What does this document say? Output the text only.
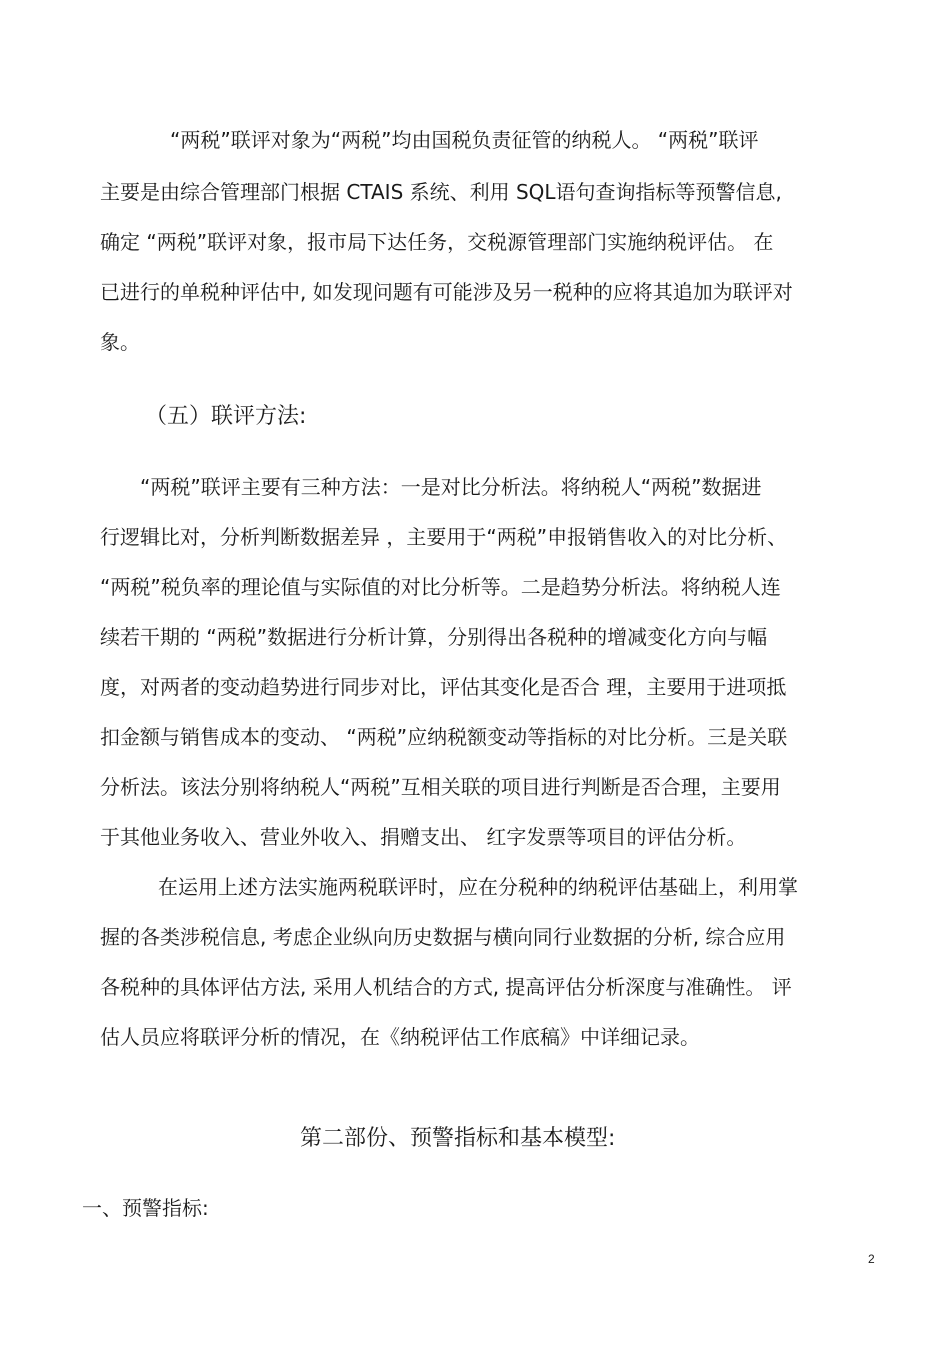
“两税”联评对象为“两税”均由国税负责征管的纳税人。 “两税”联评
主要是由综合管理部门根据 CTAIS 系统、利用 SQL语句查询指标等预警信息,
确定 “两税”联评对象，报市局下达任务，交税源管理部门实施纳税评估。 在
已进行的单税种评估中, 如发现问题有可能涉及另一税种的应将其追加为联评对
象。
（五）联评方法:
“两税”联评主要有三种方法：一是对比分析法。将纳税人“两税”数据进
行逻辑比对，分析判断数据差异 ，主要用于“两税”申报销售收入的对比分析、
“两税”税负率的理论值与实际值的对比分析等。二是趋势分析法。将纳税人连
续若干期的 “两税”数据进行分析计算，分别得出各税种的增减变化方向与幅
度，对两者的变动趋势进行同步对比，评估其变化是否合 理，主要用于进项抵
扣金额与销售成本的变动、 “两税”应纳税额变动等指标的对比分析。三是关联
分析法。该法分别将纳税人“两税”互相关联的项目进行判断是否合理，主要用
于其他业务收入、营业外收入、捐赠支出、 红字发票等项目的评估分析。
在运用上述方法实施两税联评时，应在分税种的纳税评估基础上，利用掌
握的各类涉税信息, 考虑企业纵向历史数据与横向同行业数据的分析, 综合应用
各税种的具体评估方法, 采用人机结合的方式, 提高评估分析深度与准确性。 评
估人员应将联评分析的情况，在《纳税评估工作底稿》中详细记录。
第二部份、预警指标和基本模型:
一、预警指标:
2
